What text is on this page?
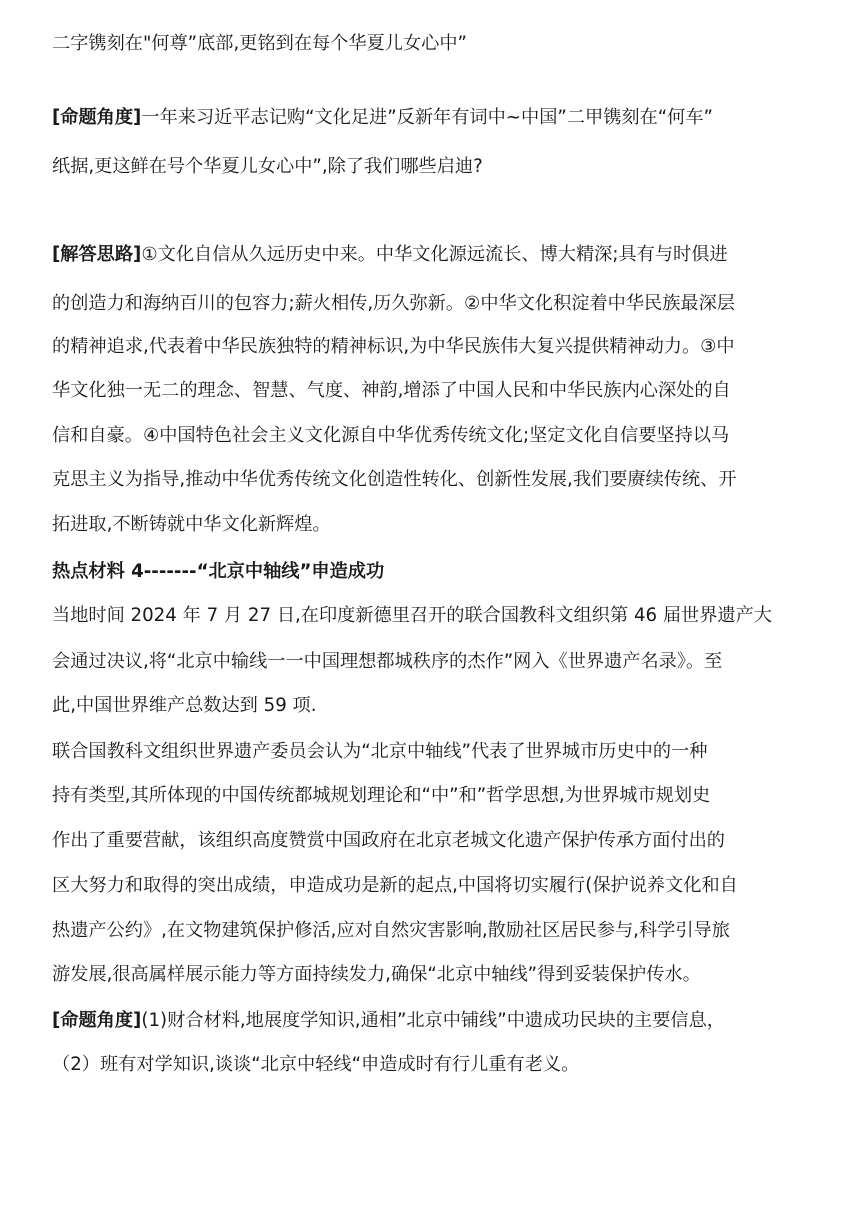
二字镌刻在"何尊”底部,更铭到在每个华夏儿女心中”
[命题角度]一年来习近平志记购“文化足进”反新年有词中~中国”二甲镌刻在“何车”
纸据,更这鲜在号个华夏儿女心中”,除了我们哪些启迪?
[解答思路]①文化自信从久远历史中来。中华文化源远流长、博大精深;具有与时俱进
的创造力和海纳百川的包容力;薪火相传,历久弥新。②中华文化积淀着中华民族最深层
的精神追求,代表着中华民族独特的精神标识,为中华民族伟大复兴提供精神动力。③中
华文化独一无二的理念、智慧、气度、神韵,增添了中国人民和中华民族内心深处的自
信和自豪。④中国特色社会主义文化源自中华优秀传统文化;坚定文化自信要坚持以马
克思主义为指导,推动中华优秀传统文化创造性转化、创新性发展,我们要赓续传统、开
拓进取,不断铸就中华文化新辉煌。
热点材料 4-------“北京中轴线”申造成功
当地时间 2024 年 7 月 27 日,在印度新德里召开的联合国教科文组织第 46 届世界遗产大
会通过决议,将“北京中输线一一中国理想都城秩序的杰作”网入《世界遗产名录》。至
此,中国世界维产总数达到 59 项.
联合国教科文组织世界遗产委员会认为“北京中轴线”代表了世界城市历史中的一种
持有类型,其所体现的中国传统都城规划理论和“中”和”哲学思想,为世界城市规划史
作出了重要营献，该组织高度赞赏中国政府在北京老城文化遗产保护传承方面付出的
区大努力和取得的突出成绩，申造成功是新的起点,中国将切实履行(保护说养文化和自
热遗产公约》,在文物建筑保护修活,应对自然灾害影响,散励社区居民参与,科学引导旅
游发展,很高属样展示能力等方面持续发力,确保“北京中轴线”得到妥装保护传水。
[命题角度](1)财合材料,地展度学知识,通相”北京中铺线”中遗成功民块的主要信息，
（2）班有对学知识,谈谈“北京中轻线“申造成时有行儿重有老义。
